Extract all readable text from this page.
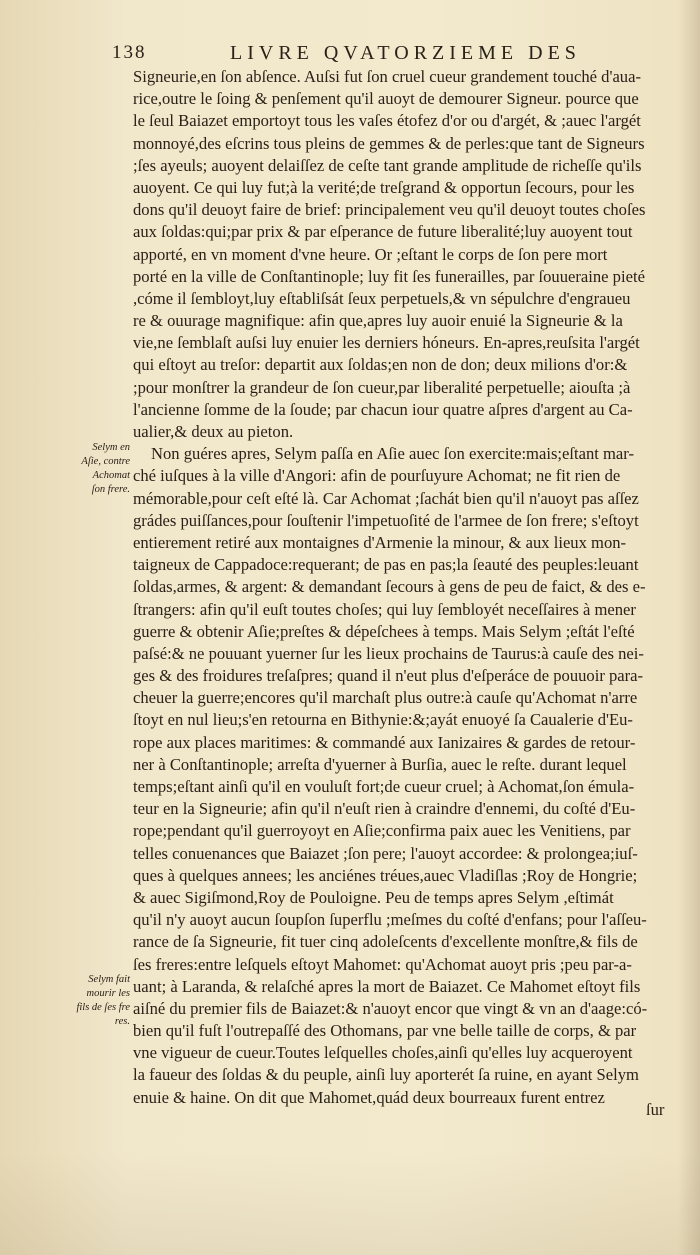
138	LIVRE QVATORZIEME DES
Signeurie,en ſon abſence. Auſsi fut ſon cruel cueur grandement touché d'aua-
rice,outre le ſoing & penſement qu'il auoyt de demourer Signeur. pource que
le ſeul Baiazet emportoyt tous les vaſes étofez d'or ou d'argét, & ;auec l'argét
monnoyé,des eſcrins tous pleins de gemmes & de perles:que tant de Signeurs
;ſes ayeuls; auoyent delaiſſez de ceſte tant grande amplitude de richeſſe qu'ils
auoyent. Ce qui luy fut;à la verité;de treſgrand & opportun ſecours, pour les
dons qu'il deuoyt faire de brief: principalement veu qu'il deuoyt toutes choſes
aux ſoldas:qui;par prix & par eſperance de future liberalité;luy auoyent tout
apporté, en vn moment d'vne heure. Or ;eſtant le corps de ſon pere mort
porté en la ville de Conſtantinople; luy fit ſes funerailles, par ſouueraine pieté
,cóme il ſembloyt,luy eſtabliſsát ſeux perpetuels,& vn sépulchre d'engraueu
re & ouurage magnifique: afin que,apres luy auoir enuié la Signeurie & la
vie,ne ſemblaſt auſsi luy enuier les derniers hóneurs. En-apres,reuſsita l'argét
qui eſtoyt au treſor: departit aux ſoldas;en non de don; deux milions d'or:&
;pour monſtrer la grandeur de ſon cueur,par liberalité perpetuelle; aiouſta ;à
l'ancienne ſomme de la ſoude; par chacun iour quatre aſpres d'argent au Ca-
ualier,& deux au pieton.
Non guéres apres, Selym paſſa en Aſie auec ſon exercite:mais;eſtant mar-
ché iuſques à la ville d'Angori: afin de pourſuyure Achomat; ne fit rien de
mémorable,pour ceſt eſté là. Car Achomat ;ſachát bien qu'il n'auoyt pas aſſez
grádes puiſſances,pour ſouſtenir l'impetuoſité de l'armee de ſon frere; s'eſtoyt
entierement retiré aux montaignes d'Armenie la minour, & aux lieux mon-
taigneux de Cappadoce:requerant; de pas en pas;la ſeauté des peuples:leuant
ſoldas,armes, & argent: & demandant ſecours à gens de peu de faict, & des e-
ſtrangers: afin qu'il euſt toutes choſes; qui luy ſembloyét neceſſaires à mener
guerre & obtenir Aſie;preſtes & dépeſchees à temps. Mais Selym ;eſtát l'eſté
paſsé:& ne pouuant yuerner ſur les lieux prochains de Taurus:à cauſe des nei-
ges & des froidures treſaſpres; quand il n'eut plus d'eſperáce de pouuoir para-
cheuer la guerre;encores qu'il marchaſt plus outre:à cauſe qu'Achomat n'arre
ſtoyt en nul lieu;s'en retourna en Bithynie:&;ayát enuoyé ſa Caualerie d'Eu-
rope aux places maritimes: & commandé aux Ianizaires & gardes de retour-
ner à Conſtantinople; arreſta d'yuerner à Burſia, auec le reſte. durant lequel
temps;eſtant ainſi qu'il en vouluſt fort;de cueur cruel; à Achomat,ſon émula-
teur en la Signeurie; afin qu'il n'euſt rien à craindre d'ennemi, du coſté d'Eu-
rope;pendant qu'il guerroyoyt en Aſie;confirma paix auec les Venitiens, par
telles conuenances que Baiazet ;ſon pere; l'auoyt accordee: & prolongea;iuſ-
ques à quelques annees; les anciénes tréues,auec Vladiſlas ;Roy de Hongrie;
& auec Sigiſmond,Roy de Pouloigne. Peu de temps apres Selym ,eſtimát
qu'il n'y auoyt aucun ſoupſon ſuperflu ;meſmes du coſté d'enfans; pour l'aſſeu-
rance de ſa Signeurie, fit tuer cinq adoleſcents d'excellente monſtre,& fils de
ſes freres:entre leſquels eſtoyt Mahomet: qu'Achomat auoyt pris ;peu par-a-
uant; à Laranda, & relaſché apres la mort de Baiazet. Ce Mahomet eſtoyt fils
aiſné du premier fils de Baiazet:& n'auoyt encor que vingt & vn an d'aage:có-
bien qu'il fuſt l'outrepaſſé des Othomans, par vne belle taille de corps, & par
vne vigueur de cueur.Toutes leſquelles choſes,ainſi qu'elles luy acqueroyent
la faueur des ſoldas & du peuple, ainſi luy aporterét ſa ruine, en ayant Selym
enuie & haine. On dit que Mahomet,quád deux bourreaux furent entrez
Selym en
Aſie, contre
Achomat
ſon frere.
Selym fait
mourir les
fils de ſes fre
res.
ſur
